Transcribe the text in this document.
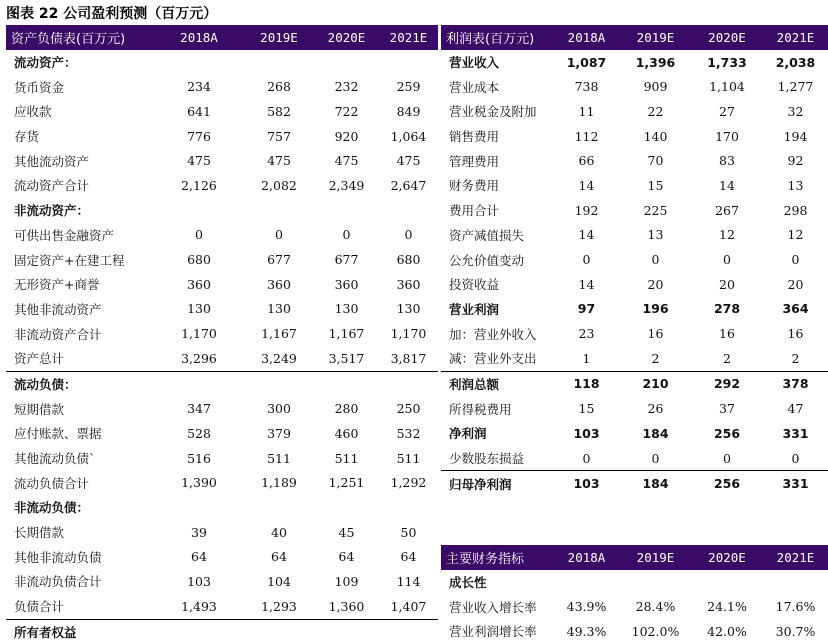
图表 22 公司盈利预测（百万元）
资产负债表(百万元)	2018A	2019E	2020E	2021E
流动资产：				
货币资金	234	268	232	259
应收款	641	582	722	849
存货	776	757	920	1,064
其他流动资产	475	475	475	475
流动资产合计	2,126	2,082	2,349	2,647
非流动资产：				
可供出售金融资产	0	0	0	0
固定资产+在建工程	680	677	677	680
无形资产+商誉	360	360	360	360
其他非流动资产	130	130	130	130
非流动资产合计	1,170	1,167	1,167	1,170
资产总计	3,296	3,249	3,517	3,817
流动负债：				
短期借款	347	300	280	250
应付账款、票据	528	379	460	532
其他流动负债`	516	511	511	511
流动负债合计	1,390	1,189	1,251	1,292
非流动负债：				
长期借款	39	40	45	50
其他非流动负债	64	64	64	64
非流动负债合计	103	104	109	114
负债合计	1,493	1,293	1,360	1,407
所有者权益				
利润表(百万元)	2018A	2019E	2020E	2021E
营业收入	1,087	1,396	1,733	2,038
营业成本	738	909	1,104	1,277
营业税金及附加	11	22	27	32
销售费用	112	140	170	194
管理费用	66	70	83	92
财务费用	14	15	14	13
费用合计	192	225	267	298
资产减值损失	14	13	12	12
公允价值变动	0	0	0	0
投资收益	14	20	20	20
营业利润	97	196	278	364
加：营业外收入	23	16	16	16
减：营业外支出	1	2	2	2
利润总额	118	210	292	378
所得税费用	15	26	37	47
净利润	103	184	256	331
少数股东损益	0	0	0	0
归母净利润	103	184	256	331
主要财务指标	2018A	2019E	2020E	2021E
成长性				
营业收入增长率	43.9%	28.4%	24.1%	17.6%
营业利润增长率	49.3%	102.0%	42.0%	30.7%
